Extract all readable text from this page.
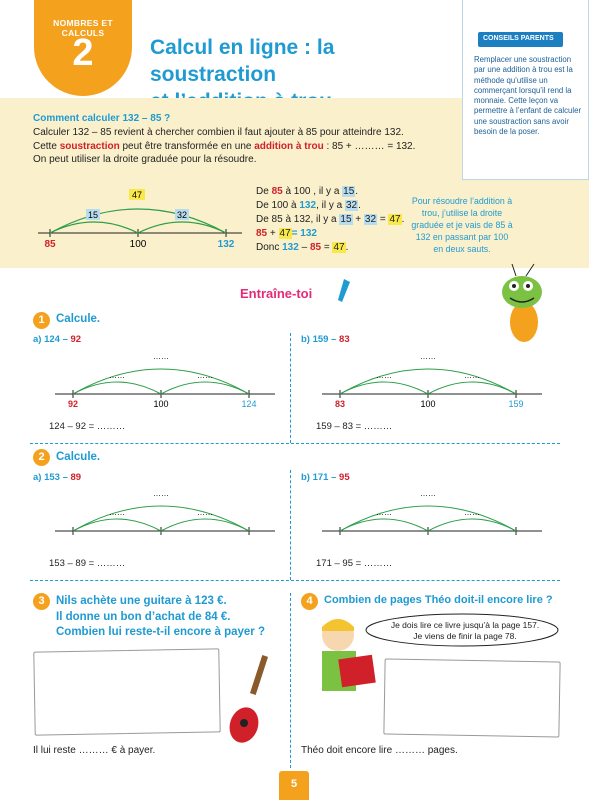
NOMBRES ET CALCULS
2	Calcul en ligne : la soustraction
CONSEILS PARENTS
Remplacer une soustraction par une addition à trou est la méthode qu’utilise un commerçant lorsqu’il rend la monnaie. Cette leçon va permettre à l’enfant de calculer une soustraction sans avoir besoin de la poser.
Comment calculer 132 – 85 ?
Calculer 132 – 85 revient à chercher combien il faut ajouter à 85 pour atteindre 132.
Cette soustraction peut être transformée en une addition à trou : 85 + ……… = 132.
On peut utiliser la droite graduée pour la résoudre.
15	32
47
85	100	132
De 85 à 100 , il y a 15.
De 100 à 132, il y a 32.
De 85 à 132, il y a 15 + 32 = 47.
85 + 47= 132
Donc 132 – 85 = 47.
Pour résoudre l’addition à trou, j’utilise la droite graduée et je vais de 85 à 132 en passant par 100 en deux sauts.
Entraîne-toi
1 Calcule.
a) 124 – 92	b) 159 – 83
……
……	……
92	100	124
……
……	……
83	100	159
124 – 92 = ………	159 – 83 = ………
2 Calcule.
a) 153 – 89	b) 171 – 95
……
……	……
……
……	……
153 – 89 = ………	171 – 95 = ………
3 Nils achète une guitare à 123 €.
Il donne un bon d’achat de 84 €.
Combien lui reste-t-il encore à payer ?
Il lui reste ……… € à payer.
4	Combien de pages Théo doit-il encore lire ?
Je dois lire ce livre jusqu’à la page 157.
Je viens de finir la page 78.
Théo doit encore lire ……… pages.
5
